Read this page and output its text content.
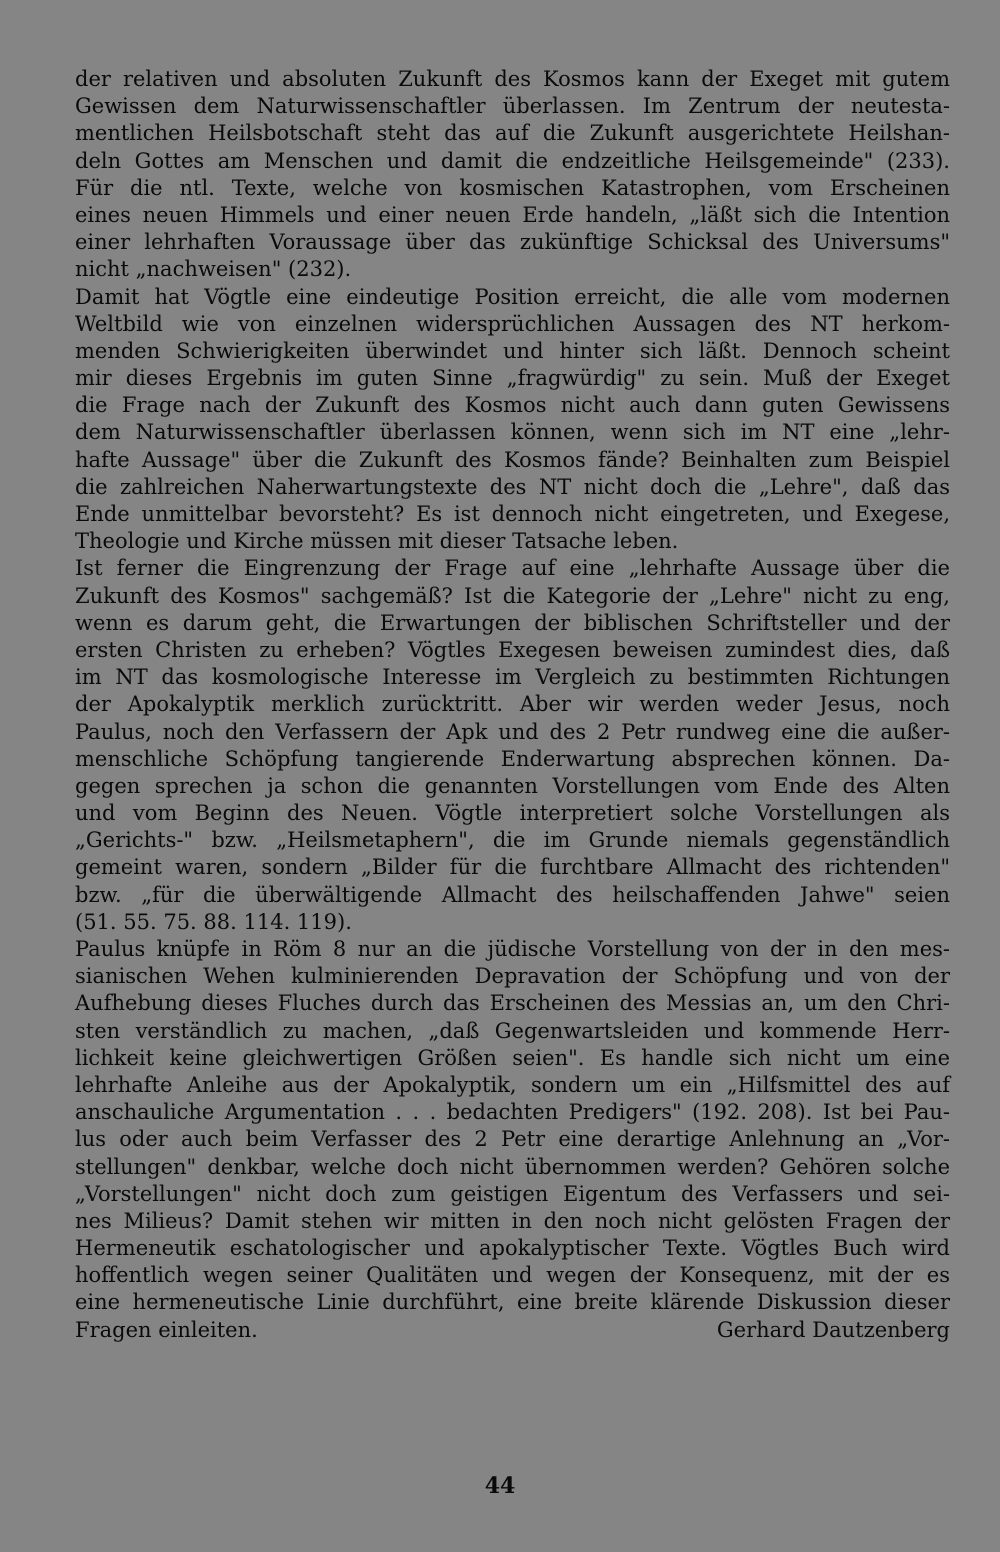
der relativen und absoluten Zukunft des Kosmos kann der Exeget mit gutem
Gewissen dem Naturwissenschaftler überlassen. Im Zentrum der neutesta-
mentlichen Heilsbotschaft steht das auf die Zukunft ausgerichtete Heilshan-
deln Gottes am Menschen und damit die endzeitliche Heilsgemeinde" (233).
Für die ntl. Texte, welche von kosmischen Katastrophen, vom Erscheinen
eines neuen Himmels und einer neuen Erde handeln, „läßt sich die Intention
einer lehrhaften Voraussage über das zukünftige Schicksal des Universums"
nicht „nachweisen" (232).
Damit hat Vögtle eine eindeutige Position erreicht, die alle vom modernen
Weltbild wie von einzelnen widersprüchlichen Aussagen des NT herkom-
menden Schwierigkeiten überwindet und hinter sich läßt. Dennoch scheint
mir dieses Ergebnis im guten Sinne „fragwürdig" zu sein. Muß der Exeget
die Frage nach der Zukunft des Kosmos nicht auch dann guten Gewissens
dem Naturwissenschaftler überlassen können, wenn sich im NT eine „lehr-
hafte Aussage" über die Zukunft des Kosmos fände? Beinhalten zum Beispiel
die zahlreichen Naherwartungstexte des NT nicht doch die „Lehre", daß das
Ende unmittelbar bevorsteht? Es ist dennoch nicht eingetreten, und Exegese,
Theologie und Kirche müssen mit dieser Tatsache leben.
Ist ferner die Eingrenzung der Frage auf eine „lehrhafte Aussage über die
Zukunft des Kosmos" sachgemäß? Ist die Kategorie der „Lehre" nicht zu eng,
wenn es darum geht, die Erwartungen der biblischen Schriftsteller und der
ersten Christen zu erheben? Vögtles Exegesen beweisen zumindest dies, daß
im NT das kosmologische Interesse im Vergleich zu bestimmten Richtungen
der Apokalyptik merklich zurücktritt. Aber wir werden weder Jesus, noch
Paulus, noch den Verfassern der Apk und des 2 Petr rundweg eine die außer-
menschliche Schöpfung tangierende Enderwartung absprechen können. Da-
gegen sprechen ja schon die genannten Vorstellungen vom Ende des Alten
und vom Beginn des Neuen. Vögtle interpretiert solche Vorstellungen als
„Gerichts-" bzw. „Heilsmetaphern", die im Grunde niemals gegenständlich
gemeint waren, sondern „Bilder für die furchtbare Allmacht des richtenden"
bzw. „für die überwältigende Allmacht des heilschaffenden Jahwe" seien
(51. 55. 75. 88. 114. 119).
Paulus knüpfe in Röm 8 nur an die jüdische Vorstellung von der in den mes-
sianischen Wehen kulminierenden Depravation der Schöpfung und von der
Aufhebung dieses Fluches durch das Erscheinen des Messias an, um den Chri-
sten verständlich zu machen, „daß Gegenwartsleiden und kommende Herr-
lichkeit keine gleichwertigen Größen seien". Es handle sich nicht um eine
lehrhafte Anleihe aus der Apokalyptik, sondern um ein „Hilfsmittel des auf
anschauliche Argumentation . . . bedachten Predigers" (192. 208). Ist bei Pau-
lus oder auch beim Verfasser des 2 Petr eine derartige Anlehnung an „Vor-
stellungen" denkbar, welche doch nicht übernommen werden? Gehören solche
„Vorstellungen" nicht doch zum geistigen Eigentum des Verfassers und sei-
nes Milieus? Damit stehen wir mitten in den noch nicht gelösten Fragen der
Hermeneutik eschatologischer und apokalyptischer Texte. Vögtles Buch wird
hoffentlich wegen seiner Qualitäten und wegen der Konsequenz, mit der es
eine hermeneutische Linie durchführt, eine breite klärende Diskussion dieser
Fragen einleiten.	Gerhard Dautzenberg
44
